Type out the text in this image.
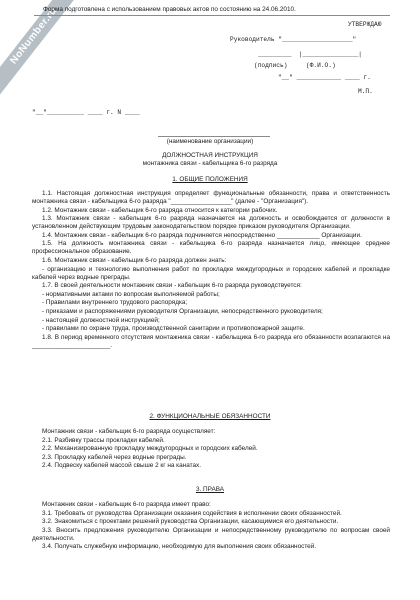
NoNumber.ru
Форма подготовлена с использованием правовых актов по состоянию на 24.06.2010.
УТВЕРЖДАЮ
Руководитель "___________________"
_________  |_______________|
(подпись)     (Ф.И.О.)
"__" ____________ ____ г.
М.П.
"__"__________ ____ г. N ____
(наименование организации)
ДОЛЖНОСТНАЯ ИНСТРУКЦИЯ
монтажника связи - кабельщика 6-го разряда
1. ОБЩИЕ ПОЛОЖЕНИЯ

1.1. Настоящая должностная инструкция определяет функциональные обязанности, права и ответственность монтажника связи - кабельщика 6-го разряда "_________________" (далее - "Организация").

1.2. Монтажник связи - кабельщик 6-го разряда относится к категории рабочих.

1.3. Монтажник связи - кабельщик 6-го разряда назначается на должность и освобождается от должности в установленном действующим трудовым законодательством порядке приказом руководителя Организации.

1.4. Монтажник связи - кабельщик 6-го разряда подчиняется непосредственно ____________ Организации.

1.5. На должность монтажника связи - кабельщика 6-го разряда назначается лицо, имеющее среднее профессиональное образование.

1.6. Монтажник связи - кабельщик 6-го разряда должен знать:

- организацию и технологию выполнения работ по прокладке междугородных и городских кабелей и прокладке кабелей через водные преграды.

1.7. В своей деятельности монтажник связи - кабельщик 6-го разряда руководствуется:

- нормативными актами по вопросам выполняемой работы;

- Правилами внутреннего трудового распорядка;

- приказами и распоряжениями руководителя Организации, непосредственного руководителя;

- настоящей должностной инструкцией;

- правилами по охране труда, производственной санитарии и противопожарной защите.

1.8. В период временного отсутствия монтажника связи - кабельщика 6-го разряда его обязанности возлагаются на ______________________.

2. ФУНКЦИОНАЛЬНЫЕ ОБЯЗАННОСТИ

Монтажник связи - кабельщик 6-го разряда осуществляет:

2.1. Разбивку трассы прокладки кабелей.

2.2. Механизированную прокладку междугородных и городских кабелей.

2.3. Прокладку кабелей через водные преграды.

2.4. Подвеску кабелей массой свыше 2 кг на канатах.

3. ПРАВА

Монтажник связи - кабельщик 6-го разряда имеет право:

3.1. Требовать от руководства Организации оказания содействия в исполнении своих обязанностей.

3.2. Знакомиться с проектами решений руководства Организации, касающимися его деятельности.

3.3. Вносить предложения руководителю Организации и непосредственному руководителю по вопросам своей деятельности.

3.4. Получать служебную информацию, необходимую для выполнения своих обязанностей.
